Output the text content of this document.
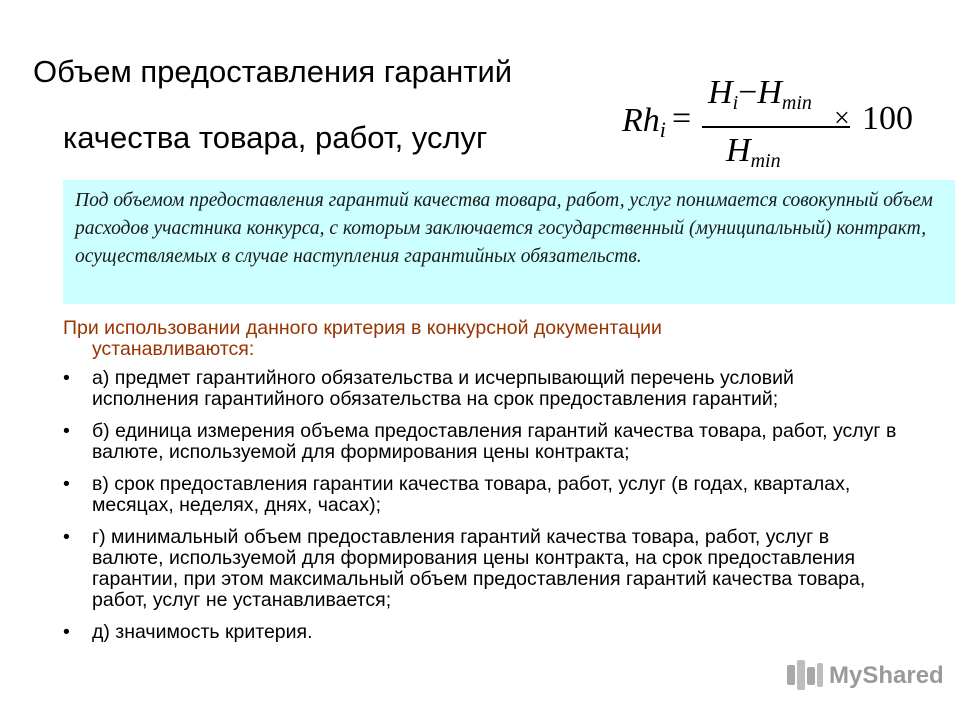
Объем предоставления гарантий
качества товара, работ, услуг	$Rh_i$ =
$H_i-H_{min}$
$H_{min}$
× 100
Под объемом предоставления гарантий качества товара, работ, услуг понимается совокупный объем расходов участника конкурса, с которым заключается государственный (муниципальный) контракт, осуществляемых в случае наступления гарантийных обязательств.
При использовании данного критерия в конкурсной документации
устанавливаются:
• а) предмет гарантийного обязательства и исчерпывающий перечень условий исполнения гарантийного обязательства на срок предоставления гарантий;
• б) единица измерения объема предоставления гарантий качества товара, работ, услуг в валюте, используемой для формирования цены контракта;
• в) срок предоставления гарантии качества товара, работ, услуг (в годах, кварталах, месяцах, неделях, днях, часах);
• г) минимальный объем предоставления гарантий качества товара, работ, услуг в валюте, используемой для формирования цены контракта, на срок предоставления гарантии, при этом максимальный объем предоставления гарантий качества товара, работ, услуг не устанавливается;
• д) значимость критерия.
MyShared
